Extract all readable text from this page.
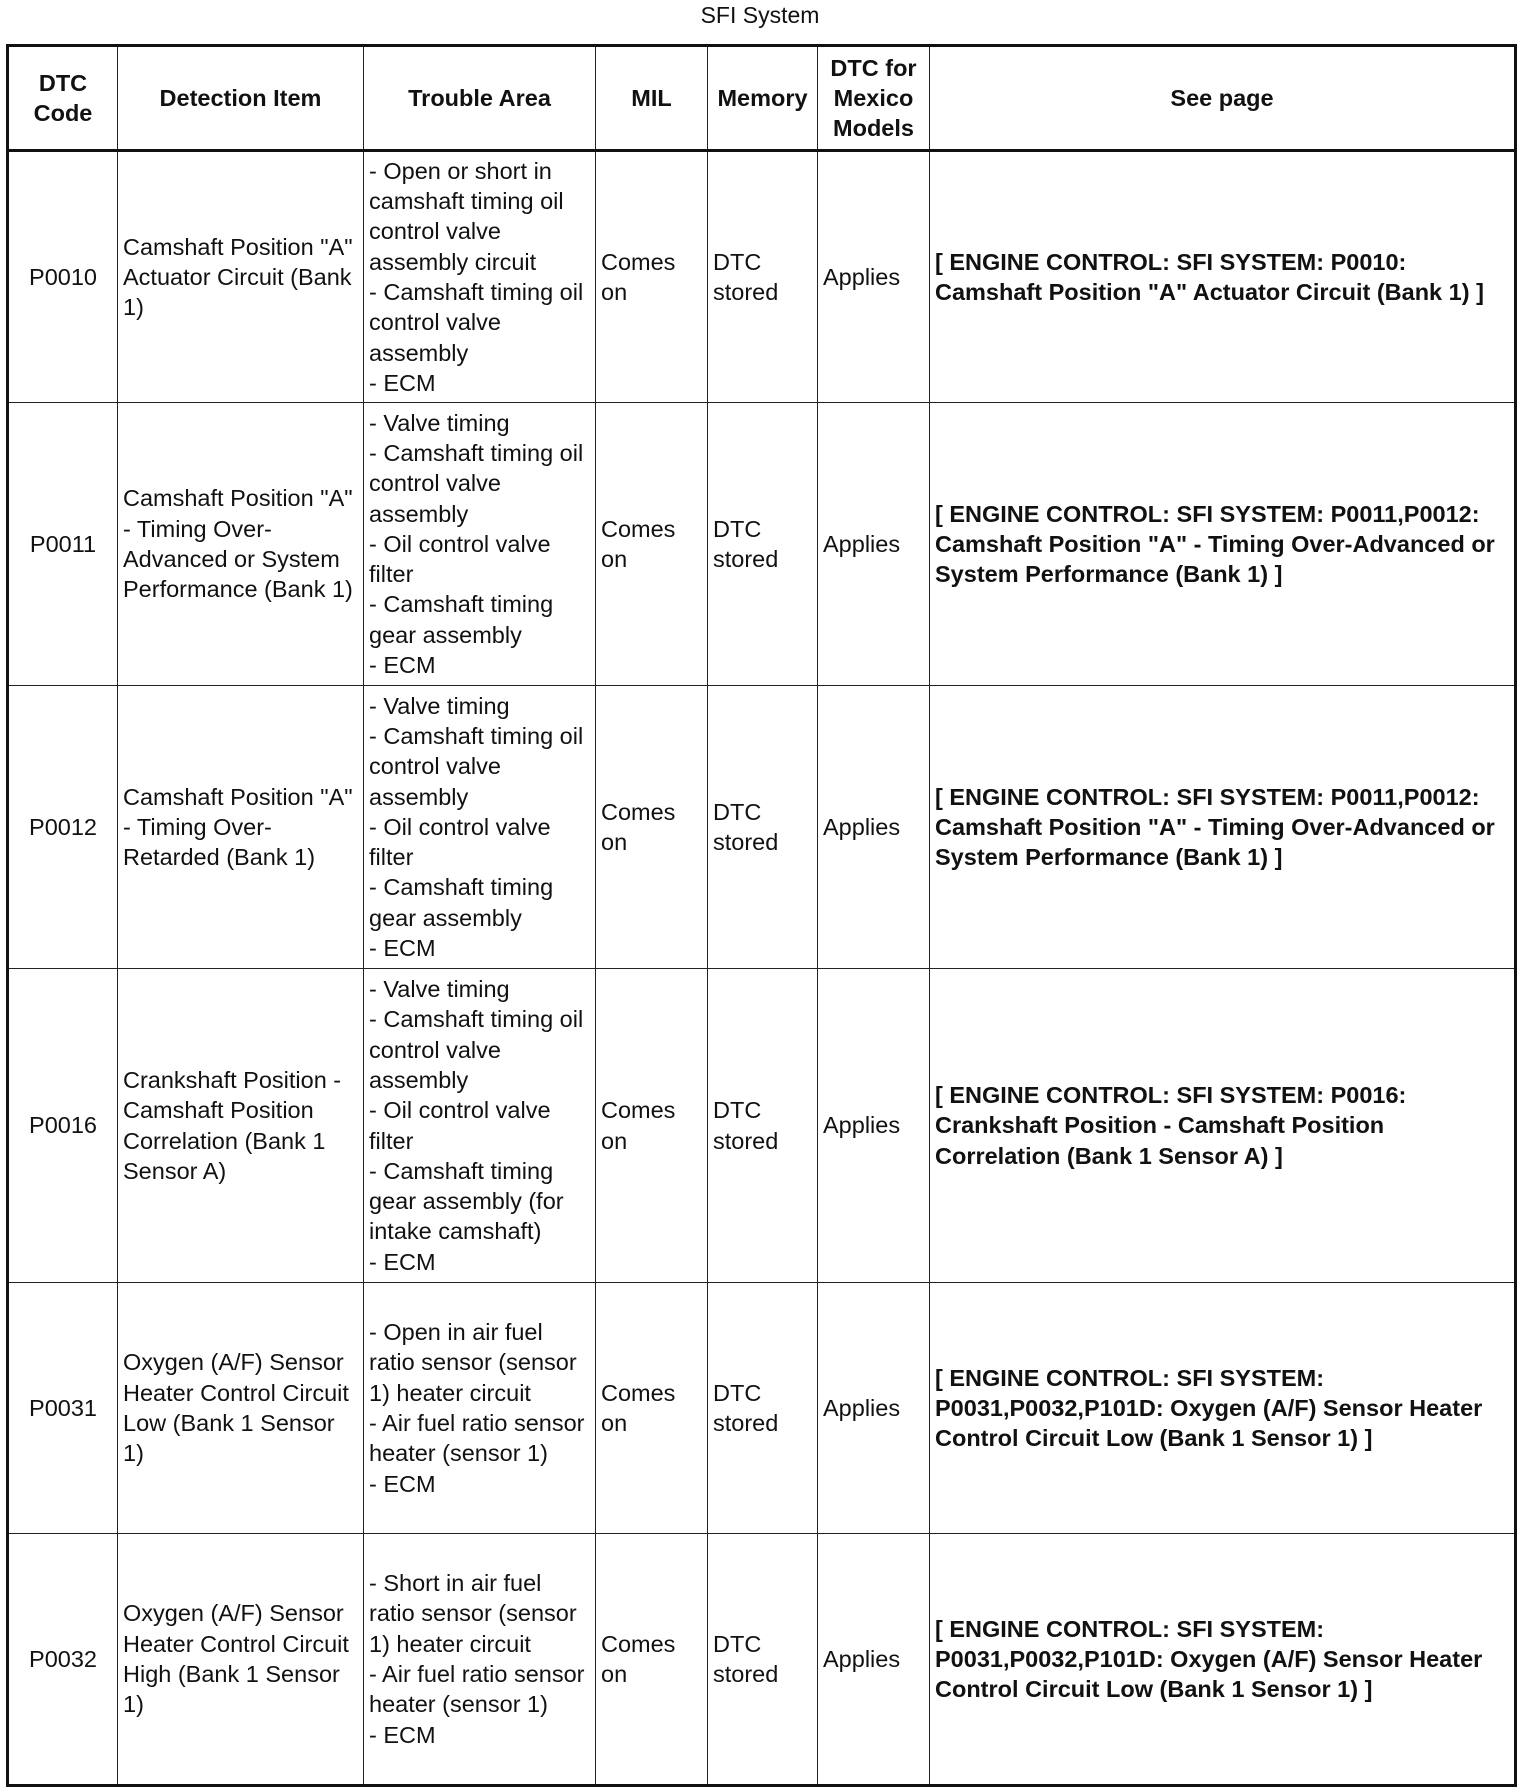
SFI System
DTC Code	Detection Item	Trouble Area	MIL	Memory	DTC for Mexico Models	See page
P0010	Camshaft Position "A" Actuator Circuit (Bank 1)	- Open or short in camshaft timing oil control valve assembly circuit
- Camshaft timing oil control valve assembly
- ECM	Comes on	DTC stored	Applies	[ ENGINE CONTROL: SFI SYSTEM: P0010: Camshaft Position "A" Actuator Circuit (Bank 1) ]
P0011	Camshaft Position "A" - Timing Over-Advanced or System Performance (Bank 1)	- Valve timing
- Camshaft timing oil control valve assembly
- Oil control valve filter
- Camshaft timing gear assembly
- ECM	Comes on	DTC stored	Applies	[ ENGINE CONTROL: SFI SYSTEM: P0011,P0012: Camshaft Position "A" - Timing Over-Advanced or System Performance (Bank 1) ]
P0012	Camshaft Position "A" - Timing Over-Retarded (Bank 1)	- Valve timing
- Camshaft timing oil control valve assembly
- Oil control valve filter
- Camshaft timing gear assembly
- ECM	Comes on	DTC stored	Applies	[ ENGINE CONTROL: SFI SYSTEM: P0011,P0012: Camshaft Position "A" - Timing Over-Advanced or System Performance (Bank 1) ]
P0016	Crankshaft Position - Camshaft Position Correlation (Bank 1 Sensor A)	- Valve timing
- Camshaft timing oil control valve assembly
- Oil control valve filter
- Camshaft timing gear assembly (for intake camshaft)
- ECM	Comes on	DTC stored	Applies	[ ENGINE CONTROL: SFI SYSTEM: P0016: Crankshaft Position - Camshaft Position Correlation (Bank 1 Sensor A) ]
P0031	Oxygen (A/F) Sensor Heater Control Circuit Low (Bank 1 Sensor 1)	- Open in air fuel ratio sensor (sensor 1) heater circuit
- Air fuel ratio sensor heater (sensor 1)
- ECM	Comes on	DTC stored	Applies	[ ENGINE CONTROL: SFI SYSTEM: P0031,P0032,P101D: Oxygen (A/F) Sensor Heater Control Circuit Low (Bank 1 Sensor 1) ]
P0032	Oxygen (A/F) Sensor Heater Control Circuit High (Bank 1 Sensor 1)	- Short in air fuel ratio sensor (sensor 1) heater circuit
- Air fuel ratio sensor heater (sensor 1)
- ECM	Comes on	DTC stored	Applies	[ ENGINE CONTROL: SFI SYSTEM: P0031,P0032,P101D: Oxygen (A/F) Sensor Heater Control Circuit Low (Bank 1 Sensor 1) ]
